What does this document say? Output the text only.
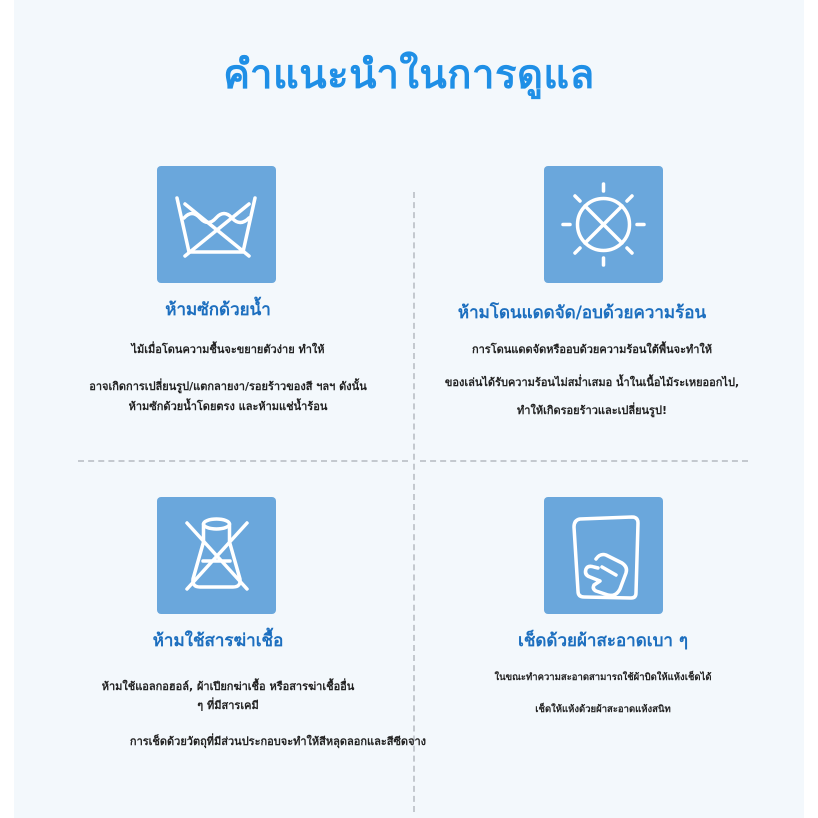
คำแนะนำในการดูแล
ห้ามซักด้วยน้ำ
ไม้เมื่อโดนความชื้นจะขยายตัวง่าย ทำให้
อาจเกิดการเปลี่ยนรูป/แตกลายงา/รอยร้าวของสี ฯลฯ ดังนั้น
ห้ามซักด้วยน้ำโดยตรง และห้ามแช่น้ำร้อน
ห้ามโดนแดดจัด/อบด้วยความร้อน
การโดนแดดจัดหรืออบด้วยความร้อนใต้พื้นจะทำให้
ของเล่นได้รับความร้อนไม่สม่ำเสมอ น้ำในเนื้อไม้ระเหยออกไป,
ทำให้เกิดรอยร้าวและเปลี่ยนรูป!
ห้ามใช้สารฆ่าเชื้อ
ห้ามใช้แอลกอฮอล์, ผ้าเปียกฆ่าเชื้อ หรือสารฆ่าเชื้ออื่น
ๆ ที่มีสารเคมี
การเช็ดด้วยวัตถุที่มีส่วนประกอบจะทำให้สีหลุดลอกและสีซีดจาง
เช็ดด้วยผ้าสะอาดเบา ๆ
ในขณะทำความสะอาดสามารถใช้ผ้าบิดให้แห้งเช็ดได้
เช็ดให้แห้งด้วยผ้าสะอาดแห้งสนิท
